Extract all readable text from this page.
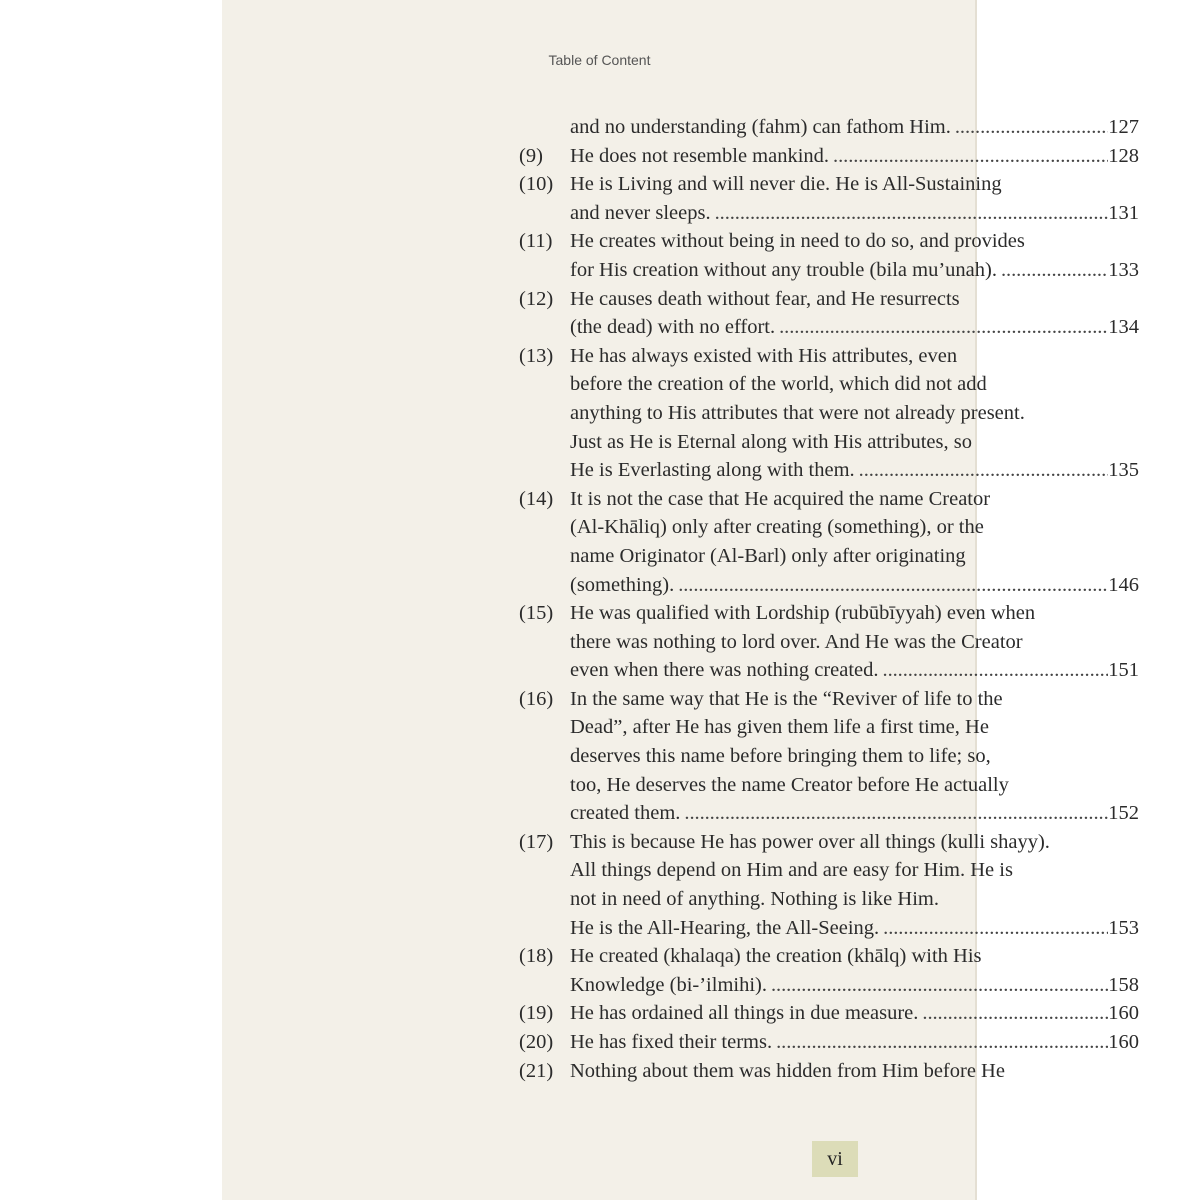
Table of Content
and no understanding (fahm) can fathom Him. . . .	127
(9)	He does not resemble mankind. . . .	128
(10) He is Living and will never die. He is All-Sustaining
and never sleeps. . . .	131
(11) He creates without being in need to do so, and provides
for His creation without any trouble (bila mu’unah). . . .	133
(12) He causes death without fear, and He resurrects
(the dead) with no effort. . . .	134
(13) He has always existed with His attributes, even
before the creation of the world, which did not add
anything to His attributes that were not already present.
Just as He is Eternal along with His attributes, so
He is Everlasting along with them. . . .	135
(14) It is not the case that He acquired the name Creator
(Al-Khāliq) only after creating (something), or the
name Originator (Al-Barl) only after originating
(something). . . .	146
(15) He was qualified with Lordship (rubūbīyyah) even when
there was nothing to lord over. And He was the Creator
even when there was nothing created. . . .	151
(16) In the same way that He is the “Reviver of life to the
Dead”, after He has given them life a first time, He
deserves this name before bringing them to life; so,
too, He deserves the name Creator before He actually
created them. . . .	152
(17) This is because He has power over all things (kulli shayy).
All things depend on Him and are easy for Him. He is
not in need of anything. Nothing is like Him.
He is the All-Hearing, the All-Seeing. . . .	153
(18) He created (khalaqa) the creation (khālq) with His
Knowledge (bi-’ilmihi). . . .	158
(19) He has ordained all things in due measure. . . .	160
(20) He has fixed their terms. . . .	160
(21) Nothing about them was hidden from Him before He
vi
